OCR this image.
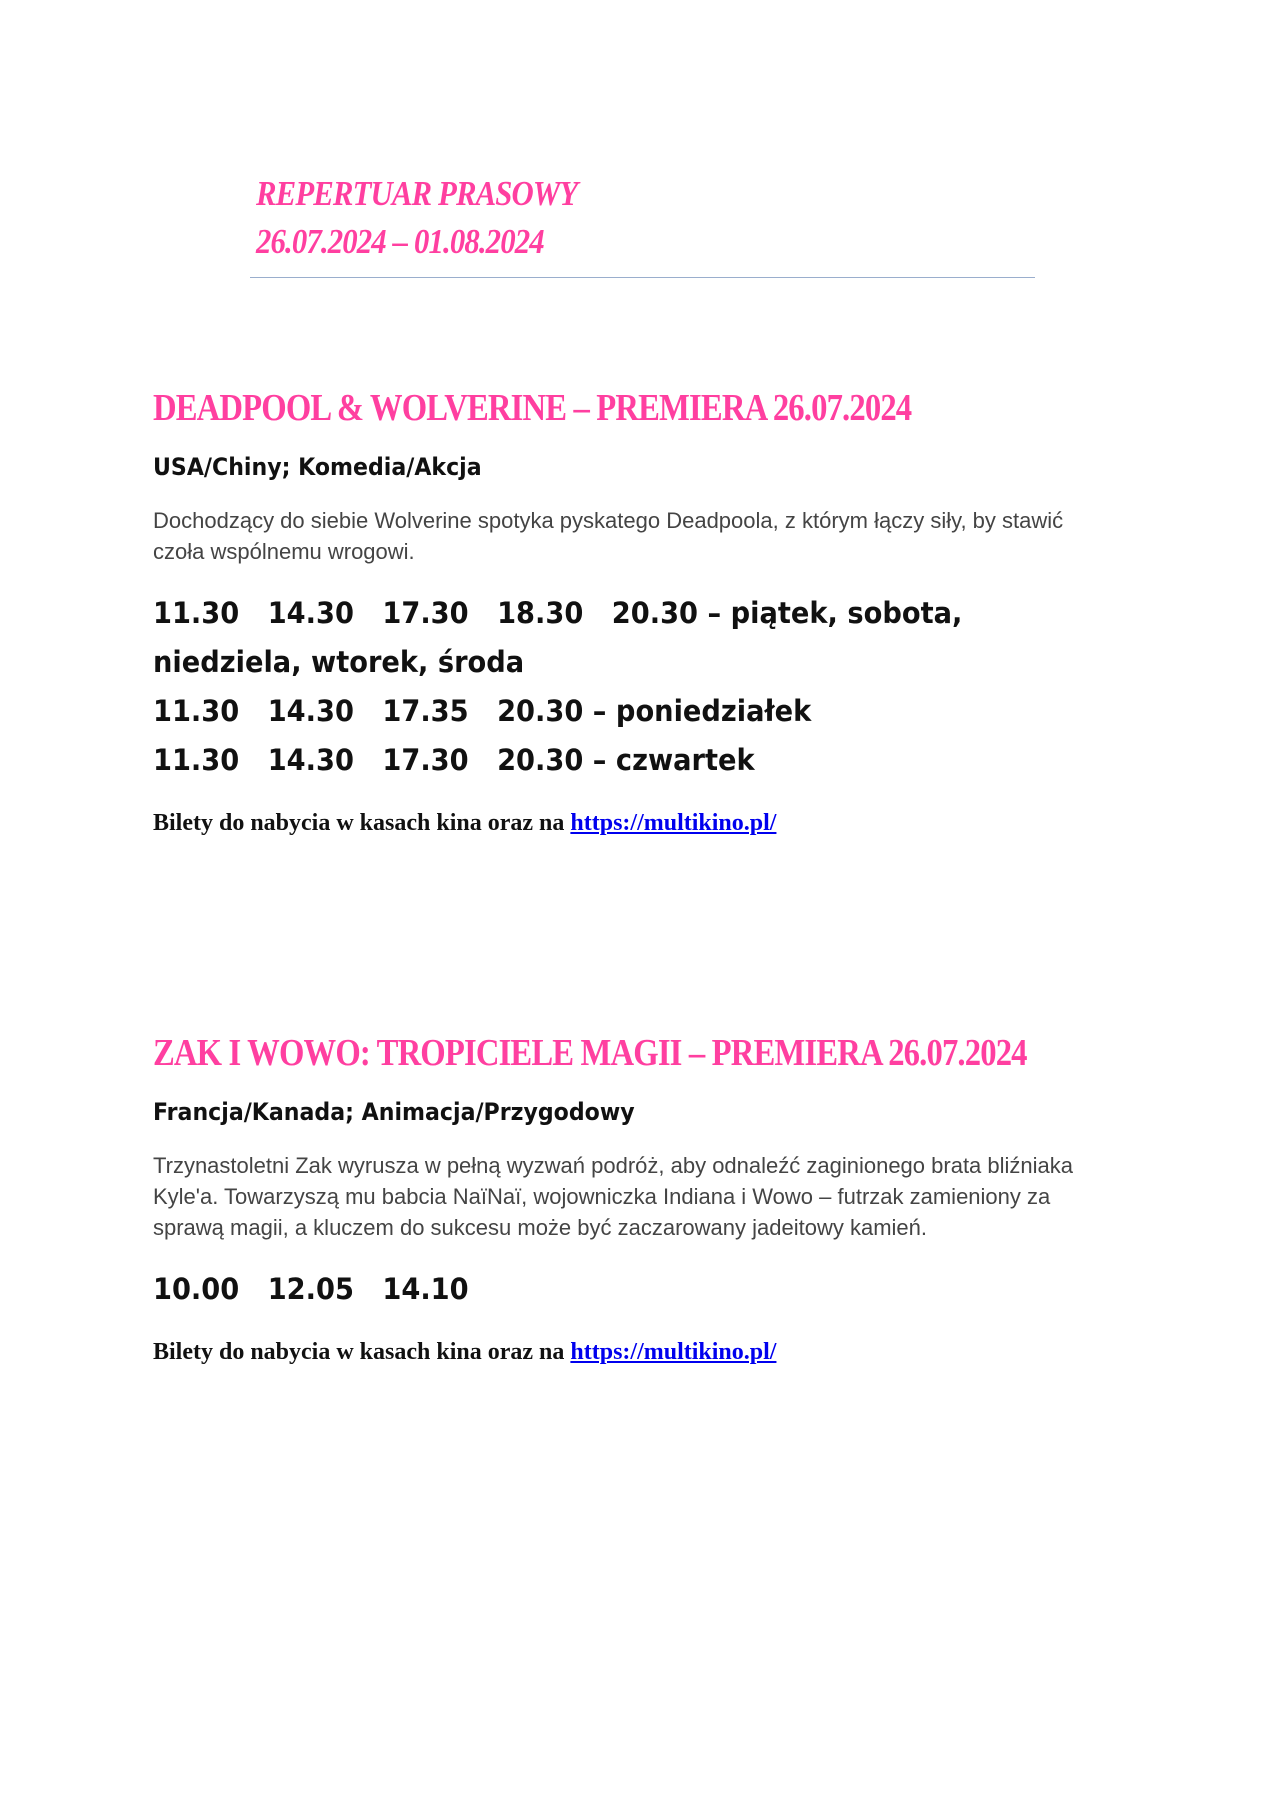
REPERTUAR PRASOWY
26.07.2024 – 01.08.2024
DEADPOOL & WOLVERINE – PREMIERA 26.07.2024
USA/Chiny; Komedia/Akcja
Dochodzący do siebie Wolverine spotyka pyskatego Deadpoola, z którym łączy siły, by stawić czoła wspólnemu wrogowi.
11.30   14.30   17.30   18.30   20.30 – piątek, sobota, niedziela, wtorek, środa
11.30   14.30   17.35   20.30 – poniedziałek
11.30   14.30   17.30   20.30 – czwartek
Bilety do nabycia w kasach kina oraz na https://multikino.pl/
ZAK I WOWO: TROPICIELE MAGII – PREMIERA 26.07.2024
Francja/Kanada; Animacja/Przygodowy
Trzynastoletni Zak wyrusza w pełną wyzwań podróż, aby odnaleźć zaginionego brata bliźniaka Kyle'a. Towarzyszą mu babcia NaïNaï, wojowniczka Indiana i Wowo – futrzak zamieniony za sprawą magii, a kluczem do sukcesu może być zaczarowany jadeitowy kamień.
10.00   12.05   14.10
Bilety do nabycia w kasach kina oraz na https://multikino.pl/
